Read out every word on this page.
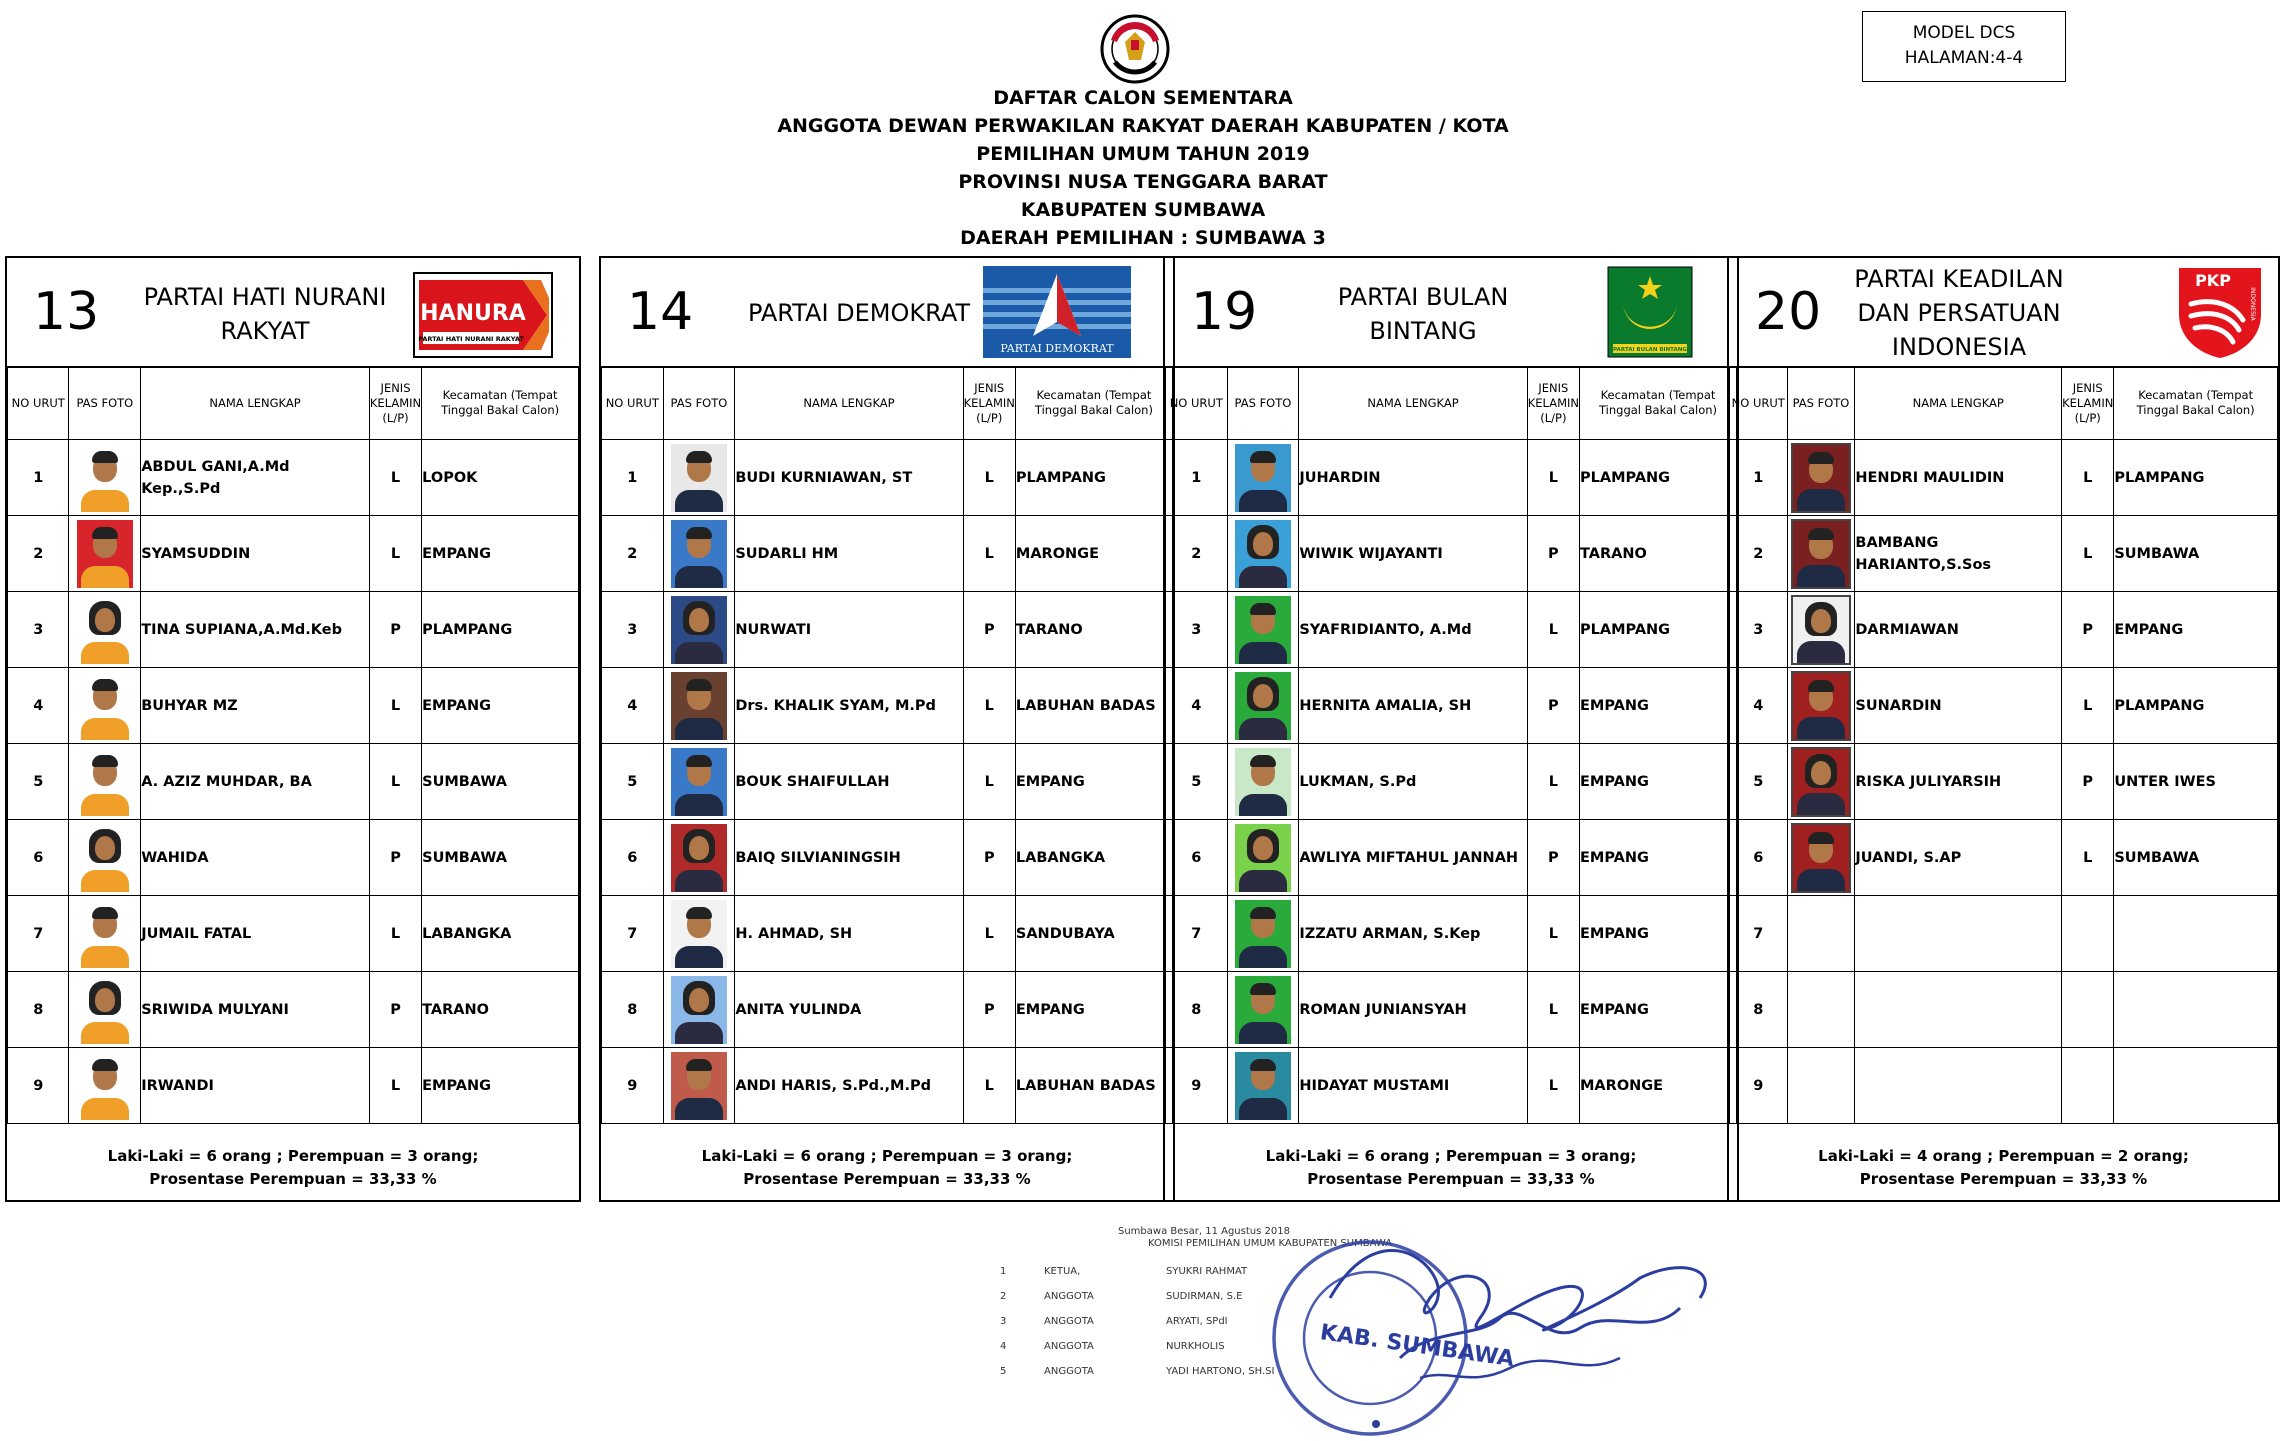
MODEL DCS
HALAMAN:4-4
DAFTAR CALON SEMENTARA
ANGGOTA DEWAN PERWAKILAN RAKYAT DAERAH KABUPATEN / KOTA
PEMILIHAN UMUM TAHUN 2019
PROVINSI NUSA TENGGARA BARAT
KABUPATEN SUMBAWA
DAERAH PEMILIHAN : SUMBAWA 3
13	PARTAI HATI NURANI
RAKYAT
HANURA
PARTAI HATI NURANI RAKYAT
NO URUT	PAS FOTO	NAMA LENGKAP	JENIS
KELAMIN
(L/P)	Kecamatan (Tempat
Tinggal Bakal Calon)
1		ABDUL GANI,A.Md Kep.,S.Pd	L	LOPOK
2		SYAMSUDDIN	L	EMPANG
3		TINA SUPIANA,A.Md.Keb	P	PLAMPANG
4		BUHYAR MZ	L	EMPANG
5		A. AZIZ MUHDAR, BA	L	SUMBAWA
6		WAHIDA	P	SUMBAWA
7		JUMAIL FATAL	L	LABANGKA
8		SRIWIDA MULYANI	P	TARANO
9		IRWANDI	L	EMPANG
Laki-Laki = 6 orang ; Perempuan = 3 orang;
Prosentase Perempuan = 33,33 %
14	PARTAI DEMOKRAT
PARTAI DEMOKRAT
NO URUT	PAS FOTO	NAMA LENGKAP	JENIS
KELAMIN
(L/P)	Kecamatan (Tempat
Tinggal Bakal Calon)
1		BUDI KURNIAWAN, ST	L	PLAMPANG
2		SUDARLI HM	L	MARONGE
3		NURWATI	P	TARANO
4		Drs. KHALIK SYAM, M.Pd	L	LABUHAN BADAS
5		BOUK SHAIFULLAH	L	EMPANG
6		BAIQ SILVIANINGSIH	P	LABANGKA
7		H. AHMAD, SH	L	SANDUBAYA
8		ANITA YULINDA	P	EMPANG
9		ANDI HARIS, S.Pd.,M.Pd	L	LABUHAN BADAS
Laki-Laki = 6 orang ; Perempuan = 3 orang;
Prosentase Perempuan = 33,33 %
19	PARTAI BULAN
BINTANG
PARTAI BULAN BINTANG
NO URUT	PAS FOTO	NAMA LENGKAP	JENIS
KELAMIN
(L/P)	Kecamatan (Tempat
Tinggal Bakal Calon)
1		JUHARDIN	L	PLAMPANG
2		WIWIK WIJAYANTI	P	TARANO
3		SYAFRIDIANTO, A.Md	L	PLAMPANG
4		HERNITA AMALIA, SH	P	EMPANG
5		LUKMAN, S.Pd	L	EMPANG
6		AWLIYA MIFTAHUL JANNAH	P	EMPANG
7		IZZATU ARMAN, S.Kep	L	EMPANG
8		ROMAN JUNIANSYAH	L	EMPANG
9		HIDAYAT MUSTAMI	L	MARONGE
Laki-Laki = 6 orang ; Perempuan = 3 orang;
Prosentase Perempuan = 33,33 %
20
PARTAI KEADILAN
DAN PERSATUAN
INDONESIA
PKP
INDONESIA
NO URUT	PAS FOTO	NAMA LENGKAP	JENIS
KELAMIN
(L/P)	Kecamatan (Tempat
Tinggal Bakal Calon)
1		HENDRI MAULIDIN	L	PLAMPANG
2		BAMBANG HARIANTO,S.Sos	L	SUMBAWA
3		DARMIAWAN	P	EMPANG
4		SUNARDIN	L	PLAMPANG
5		RISKA JULIYARSIH	P	UNTER IWES
6		JUANDI, S.AP	L	SUMBAWA
7				
8				
9				
Laki-Laki = 4 orang ; Perempuan = 2 orang;
Prosentase Perempuan = 33,33 %
Sumbawa Besar, 11 Agustus 2018
KOMISI PEMILIHAN UMUM KABUPATEN SUMBAWA
1	KETUA,	SYUKRI RAHMAT
2	ANGGOTA	SUDIRMAN, S.E
3	ANGGOTA	ARYATI, SPdI
4	ANGGOTA	NURKHOLIS
5	ANGGOTA	YADI HARTONO, SH.SI KAB. SUMBAWA
